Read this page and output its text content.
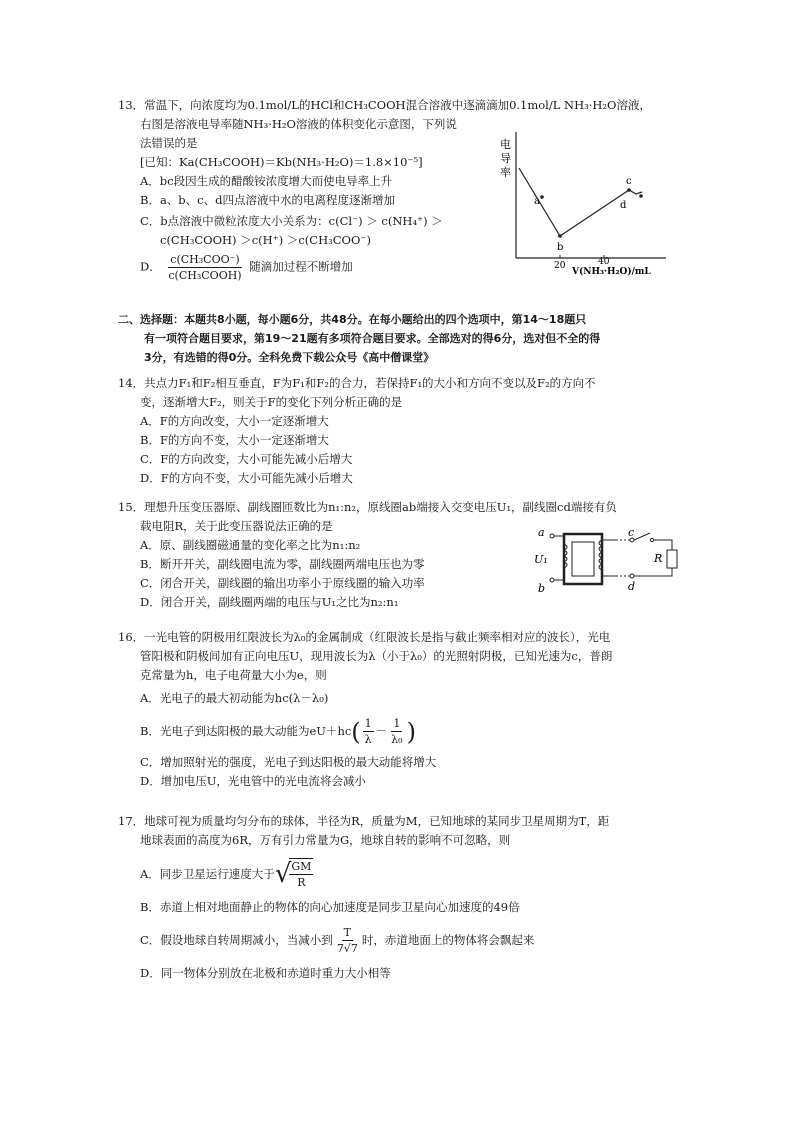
13．常温下，向浓度均为0.1mol/L的HCl和CH₃COOH混合溶液中逐滴滴加0.1mol/L NH₃·H₂O溶液，
右图是溶液电导率随NH₃·H₂O溶液的体积变化示意图，下列说
法错误的是
[已知：Ka(CH₃COOH)＝Kb(NH₃·H₂O)＝1.8×10⁻⁵]
A．bc段因生成的醋酸铵浓度增大而使电导率上升
B．a、b、c、d四点溶液中水的电离程度逐渐增加
C．b点溶液中微粒浓度大小关系为：c(Cl⁻) ＞ c(NH₄⁺) ＞
c(CH₃COOH) ＞c(H⁺) ＞c(CH₃COO⁻)
D． $\frac{\text{c(CH₃COO⁻)}}{\text{c(CH₃COOH)}}$ 随滴加过程不断增加
电
导
率
a
b
c
d
20	40
V(NH₃·H₂O)/mL
二、选择题：本题共8小题，每小题6分，共48分。在每小题给出的四个选项中，第14～18题只
有一项符合题目要求，第19～21题有多项符合题目要求。全部选对的得6分，选对但不全的得
3分，有选错的得0分。全科免费下载公众号《高中僧课堂》
14．共点力F₁和F₂相互垂直，F为F₁和F₂的合力，若保持F₁的大小和方向不变以及F₂的方向不
变，逐渐增大F₂，则关于F的变化下列分析正确的是
A．F的方向改变，大小一定逐渐增大
B．F的方向不变，大小一定逐渐增大
C．F的方向改变，大小可能先减小后增大
D．F的方向不变，大小可能先减小后增大
15．理想升压变压器原、副线圈匝数比为n₁:n₂，原线圈ab端接入交变电压U₁，副线圈cd端接有负
载电阻R，关于此变压器说法正确的是
A．原、副线圈磁通量的变化率之比为n₁:n₂
B．断开开关，副线圈电流为零，副线圈两端电压也为零
C．闭合开关，副线圈的输出功率小于原线圈的输入功率
D．闭合开关，副线圈两端的电压与U₁之比为n₂:n₁
a
b
U₁
c
d
R
16．一光电管的阴极用红限波长为λ₀的金属制成（红限波长是指与截止频率相对应的波长），光电
管阳极和阴极间加有正向电压U，现用波长为λ（小于λ₀）的光照射阴极，已知光速为c，普朗
克常量为h，电子电荷量大小为e，则
A．光电子的最大初动能为hc(λ－λ₀)
B．光电子到达阳极的最大动能为eU＋hc ( $\frac{1}{\lambda} - \frac{1}{\text{λ₀}}$ )
C．增加照射光的强度，光电子到达阳极的最大动能将增大
D．增加电压U，光电管中的光电流将会减小
17．地球可视为质量均匀分布的球体，半径为R，质量为M，已知地球的某同步卫星周期为T，距
地球表面的高度为6R，万有引力常量为G，地球自转的影响不可忽略，则
A．同步卫星运行速度大于 √
$\frac{GM}{R}$
B．赤道上相对地面静止的物体的向心加速度是同步卫星向心加速度的49倍
C．假设地球自转周期减小，当减小到 $\frac{T}{7√7}$ 时，赤道地面上的物体将会飘起来
D．同一物体分别放在北极和赤道时重力大小相等
